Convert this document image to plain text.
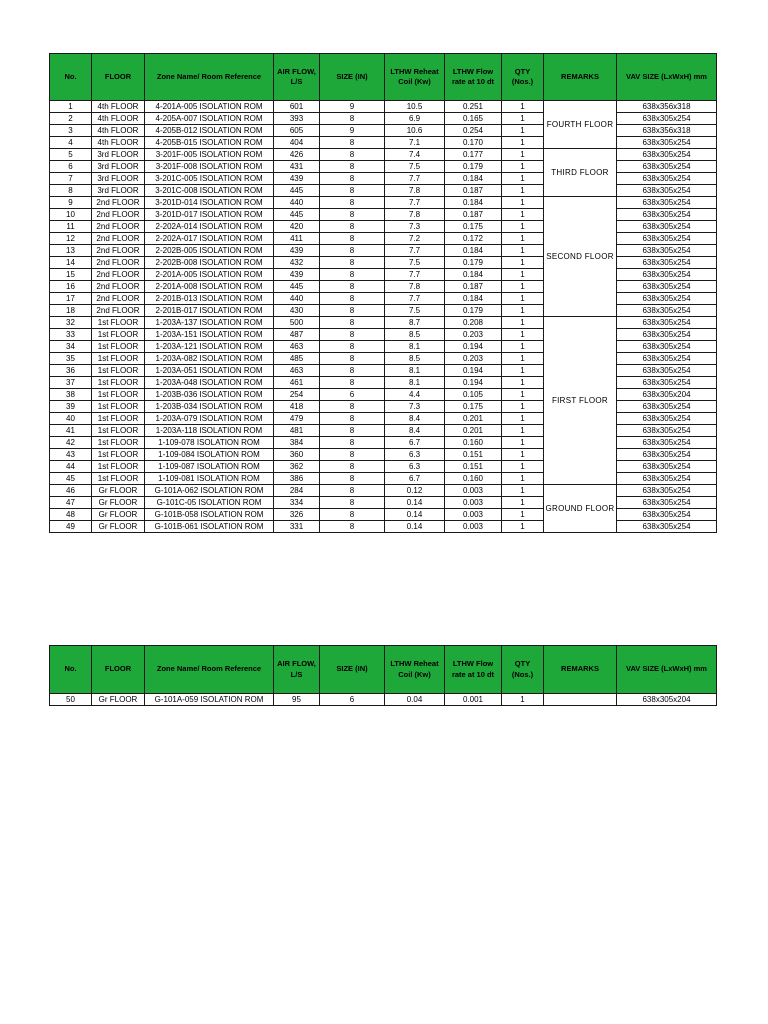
No.	FLOOR	Zone Name/ Room Reference	AIR FLOW, L/S	SIZE (IN)	LTHW Reheat Coil (Kw)	LTHW Flow rate at 10 dt	QTY (Nos.)	REMARKS	VAV SIZE (LxWxH) mm
1	4th FLOOR	4-201A-005 ISOLATION ROM	601	9	10.5	0.251	1	FOURTH FLOOR	638x356x318
2	4th FLOOR	4-205A-007 ISOLATION ROM	393	8	6.9	0.165	1		638x305x254
3	4th FLOOR	4-205B-012 ISOLATION ROM	605	9	10.6	0.254	1		638x356x318
4	4th FLOOR	4-205B-015 ISOLATION ROM	404	8	7.1	0.170	1		638x305x254
5	3rd FLOOR	3-201F-005 ISOLATION ROM	426	8	7.4	0.177	1	THIRD FLOOR	638x305x254
6	3rd FLOOR	3-201F-008 ISOLATION ROM	431	8	7.5	0.179	1		638x305x254
7	3rd FLOOR	3-201C-005 ISOLATION ROM	439	8	7.7	0.184	1		638x305x254
8	3rd FLOOR	3-201C-008 ISOLATION ROM	445	8	7.8	0.187	1		638x305x254
9	2nd FLOOR	3-201D-014 ISOLATION ROM	440	8	7.7	0.184	1	SECOND FLOOR	638x305x254
10	2nd FLOOR	3-201D-017 ISOLATION ROM	445	8	7.8	0.187	1		638x305x254
11	2nd FLOOR	2-202A-014 ISOLATION ROM	420	8	7.3	0.175	1		638x305x254
12	2nd FLOOR	2-202A-017 ISOLATION ROM	411	8	7.2	0.172	1		638x305x254
13	2nd FLOOR	2-202B-005 ISOLATION ROM	439	8	7.7	0.184	1		638x305x254
14	2nd FLOOR	2-202B-008 ISOLATION ROM	432	8	7.5	0.179	1		638x305x254
15	2nd FLOOR	2-201A-005 ISOLATION ROM	439	8	7.7	0.184	1		638x305x254
16	2nd FLOOR	2-201A-008 ISOLATION ROM	445	8	7.8	0.187	1		638x305x254
17	2nd FLOOR	2-201B-013 ISOLATION ROM	440	8	7.7	0.184	1		638x305x254
18	2nd FLOOR	2-201B-017 ISOLATION ROM	430	8	7.5	0.179	1		638x305x254
32	1st FLOOR	1-203A-137 ISOLATION ROM	500	8	8.7	0.208	1	FIRST FLOOR	638x305x254
33	1st FLOOR	1-203A-151 ISOLATION ROM	487	8	8.5	0.203	1		638x305x254
34	1st FLOOR	1-203A-121 ISOLATION ROM	463	8	8.1	0.194	1		638x305x254
35	1st FLOOR	1-203A-082 ISOLATION ROM	485	8	8.5	0.203	1		638x305x254
36	1st FLOOR	1-203A-051 ISOLATION ROM	463	8	8.1	0.194	1		638x305x254
37	1st FLOOR	1-203A-048 ISOLATION ROM	461	8	8.1	0.194	1		638x305x254
38	1st FLOOR	1-203B-036 ISOLATION ROM	254	6	4.4	0.105	1		638x305x204
39	1st FLOOR	1-203B-034 ISOLATION ROM	418	8	7.3	0.175	1		638x305x254
40	1st FLOOR	1-203A-079 ISOLATION ROM	479	8	8.4	0.201	1		638x305x254
41	1st FLOOR	1-203A-118 ISOLATION ROM	481	8	8.4	0.201	1		638x305x254
42	1st FLOOR	1-109-078 ISOLATION ROM	384	8	6.7	0.160	1		638x305x254
43	1st FLOOR	1-109-084 ISOLATION ROM	360	8	6.3	0.151	1		638x305x254
44	1st FLOOR	1-109-087 ISOLATION ROM	362	8	6.3	0.151	1		638x305x254
45	1st FLOOR	1-109-081 ISOLATION ROM	386	8	6.7	0.160	1		638x305x254
46	Gr FLOOR	G-101A-062 ISOLATION ROM	284	8	0.12	0.003	1	GROUND FLOOR	638x305x254
47	Gr FLOOR	G-101C-05 ISOLATION ROM	334	8	0.14	0.003	1		638x305x254
48	Gr FLOOR	G-101B-058 ISOLATION ROM	326	8	0.14	0.003	1		638x305x254
49	Gr FLOOR	G-101B-061 ISOLATION ROM	331	8	0.14	0.003	1		638x305x254
No.	FLOOR	Zone Name/ Room Reference	AIR FLOW, L/S	SIZE (IN)	LTHW Reheat Coil (Kw)	LTHW Flow rate at 10 dt	QTY (Nos.)	REMARKS	VAV SIZE (LxWxH) mm
50	Gr FLOOR	G-101A-059 ISOLATION ROM	95	6	0.04	0.001	1		638x305x204
